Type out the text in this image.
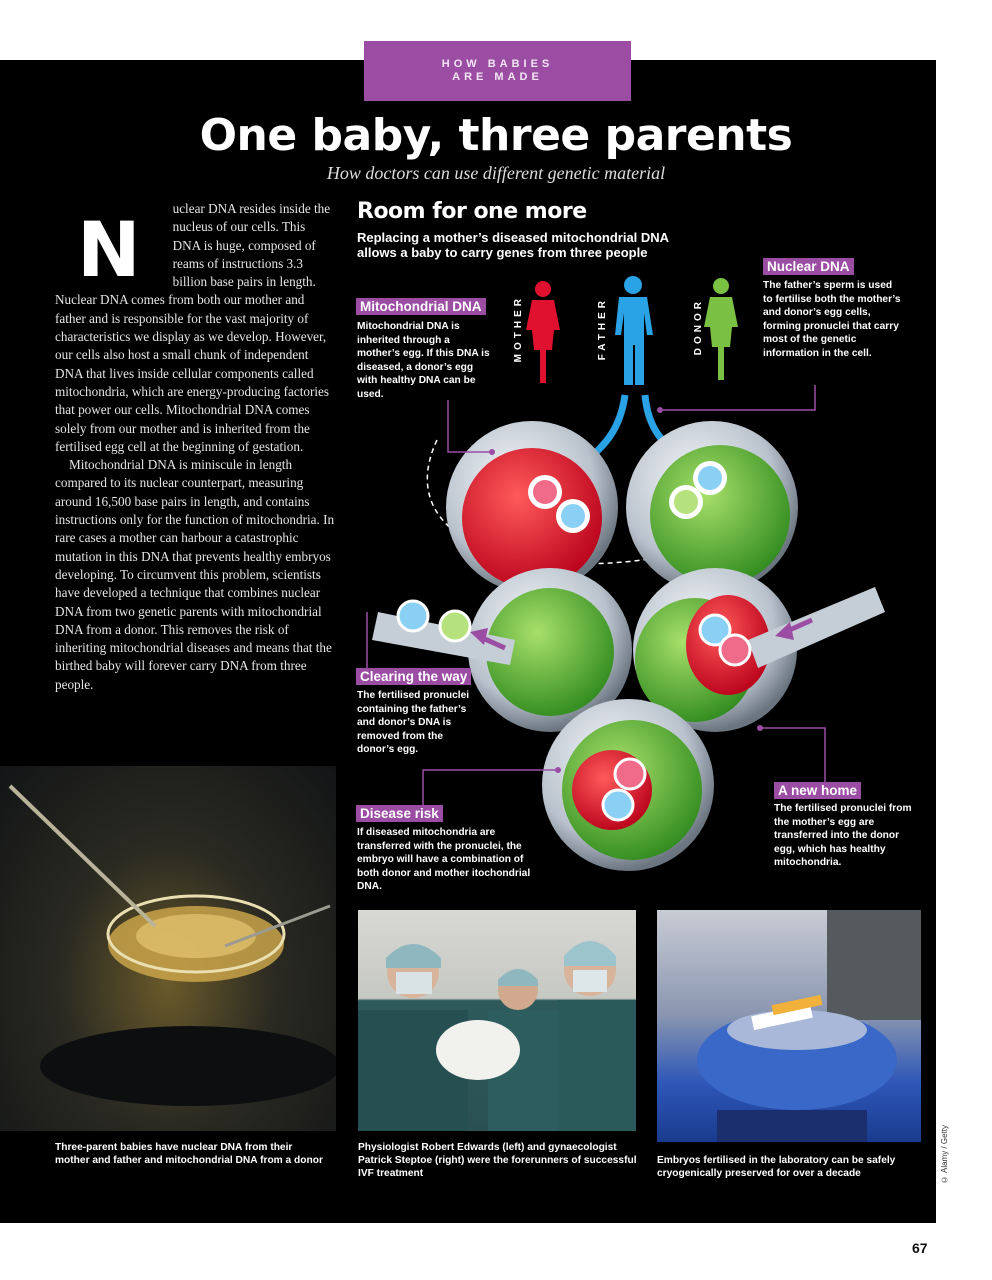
HOW BABIES
ARE MADE
One baby, three parents
How doctors can use different genetic material
N	uclear DNA resides inside the nucleus of our cells. This DNA is huge, composed of reams of instructions 3.3 billion base pairs in length. Nuclear DNA comes from both our mother and father and is responsible for the vast majority of characteristics we display as we develop. However, our cells also host a small chunk of independent DNA that lives inside cellular components called mitochondria, which are energy-producing factories that power our cells. Mitochondrial DNA comes solely from our mother and is inherited from the fertilised egg cell at the beginning of gestation.

Mitochondrial DNA is miniscule in length compared to its nuclear counterpart, measuring around 16,500 base pairs in length, and contains instructions only for the function of mitochondria. In rare cases a mother can harbour a catastrophic mutation in this DNA that prevents healthy embryos developing. To circumvent this problem, scientists have developed a technique that combines nuclear DNA from two genetic parents with mitochondrial DNA from a donor. This removes the risk of inheriting mitochondrial diseases and means that the birthed baby will forever carry DNA from three people.

Room for one more
Replacing a mother’s diseased mitochondrial DNA allows a baby to carry genes from three people
MOTHER	FATHER	DONOR
Mitochondrial DNA
Mitochondrial DNA is inherited through a mother’s egg. If this DNA is diseased, a donor’s egg with healthy DNA can be used.
Nuclear DNA
The father’s sperm is used to fertilise both the mother’s and donor’s egg cells, forming pronuclei that carry most of the genetic information in the cell.
Clearing the way
The fertilised pronuclei containing the father’s and donor’s DNA is removed from the donor’s egg.
A new home
The fertilised pronuclei from the mother’s egg are transferred into the donor egg, which has healthy mitochondria.
Disease risk
If diseased mitochondria are transferred with the pronuclei, the embryo will have a combination of both donor and mother itochondrial DNA.
Three-parent babies have nuclear DNA from their mother and father and mitochondrial DNA from a donor
Physiologist Robert Edwards (left) and gynaecologist Patrick Steptoe (right) were the forerunners of successful IVF treatment
Embryos fertilised in the laboratory can be safely cryogenically preserved for over a decade	© Alamy / Getty
67
